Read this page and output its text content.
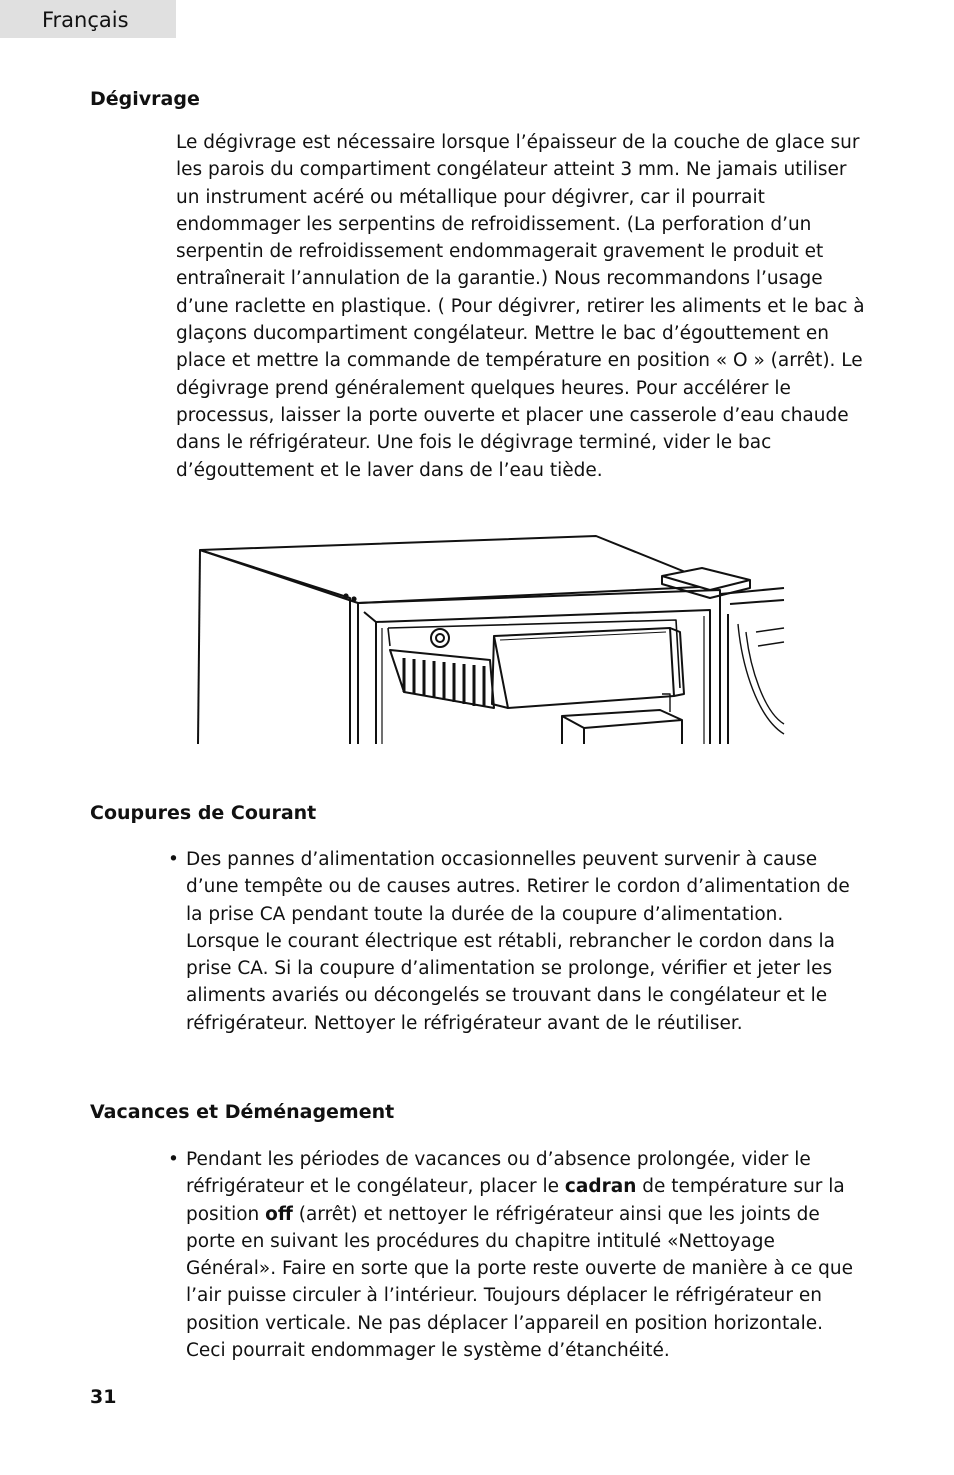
Français
Dégivrage

Le dégivrage est nécessaire lorsque l’épaisseur de la couche de glace sur les parois du compartiment congélateur atteint 3 mm. Ne jamais utiliser un instrument acéré ou métallique pour dégivrer, car il pourrait endommager les serpentins de refroidissement. (La perforation d’un serpentin de refroidissement endommagerait gravement le produit et entraînerait l’annulation de la garantie.) Nous recommandons l’usage d’une raclette en plastique. ( Pour dégivrer, retirer les aliments et le bac à glaçons ducompartiment congélateur. Mettre le bac d’égouttement en place et mettre la commande de température en position « O » (arrêt). Le dégivrage prend généralement quelques heures. Pour accélérer le processus, laisser la porte ouverte et placer une casserole d’eau chaude dans le réfrigérateur. Une fois le dégivrage terminé, vider le bac d’égouttement et le laver dans de l’eau tiède.

Coupures de Courant
• Des pannes d’alimentation occasionnelles peuvent survenir à cause d’une tempête ou de causes autres. Retirer le cordon d’alimentation de la prise CA pendant toute la durée de la coupure d’alimentation. Lorsque le courant électrique est rétabli, rebrancher le cordon dans la prise CA. Si la coupure d’alimentation se prolonge, vérifier et jeter les aliments avariés ou décongelés se trouvant dans le congélateur et le réfrigérateur. Nettoyer le réfrigérateur avant de le réutiliser.
Vacances et Déménagement
• Pendant les périodes de vacances ou d’absence prolongée, vider le réfrigérateur et le congélateur, placer le cadran de température sur la position off (arrêt) et nettoyer le réfrigérateur ainsi que les joints de porte en suivant les procédures du chapitre intitulé «Nettoyage Général». Faire en sorte que la porte reste ouverte de manière à ce que l’air puisse circuler à l’intérieur. Toujours déplacer le réfrigérateur en position verticale. Ne pas déplacer l’appareil en position horizontale. Ceci pourrait endommager le système d’étanchéité.
31
